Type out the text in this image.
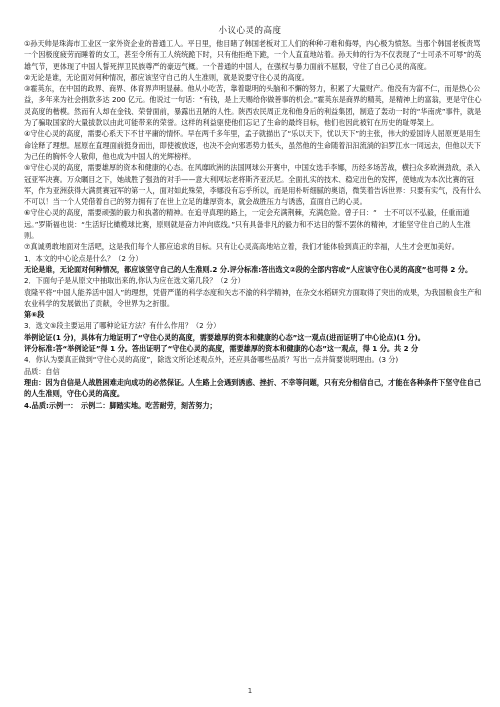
小议心灵的高度

①孙天帅是珠海市工业区一家外资企业的普通工人。平日里，他目睹了韩国老板对工人们的种种刁难和侮辱，内心极为愤怒。当那个韩国老板责骂一个因极度疲劳而睡着的女工，甚至令所有工人统统跪下时，只有他拒绝下跪，一个人直直地站着。孙天帅的行为不仅表现了“士可杀不可辱”的英雄气节，更体现了中国人誓死捍卫民族尊严的豪迈气概。一个普通的中国人，在强权与暴力面前不屈服，守住了自己心灵的高度。

②无论是谁，无论面对何种情况，都应该坚守自己的人生准则，就是说要守住心灵的高度。

③霍英东，在中国的政界、商界、体育界声明显赫。他从小吃苦，靠着聪明的头脑和不懈的努力，积累了大量财产。他没有为富不仁，而是热心公益，多年来为社会捐款多达 200 亿元。他说过一句话：“有钱，是上天赐给你做善事的机会。”霍英东是商界的精英，是精神上的富翁，更是守住心灵高度的楷模。然而有人却在金钱、荣誉面前，暴露出丑陋的人性。陕西农民周正龙和他身后的利益集团，制造了轰动一时的“华南虎”事件，就是为了骗取国家的大量拔款以由此可能带来的荣誉。这样的利益驱使他们忘记了生命的最终目标，他们也因此被钉在历史的耻辱架上。

④守住心灵的高度，需要心系天下不甘平庸的情怀。早在两千多年里，孟子就描出了“乐以天下，忧以天下”的主张，伟大的爱国诗人屈原更是用生命诠释了理想。屈原在直理面前挺身而出，即使被放逐，也决不会向邪恶势力低头，虽然他的生命随着汩汩流淌的汩罗江水一同远去，但他以天下为己任的胸怀令人敬仰，他也成为中国人的光辉榜样。

⑤守住心灵的高度，需要雄厚的资本和健康的心态。在风靡欧洲的法国网球公开赛中，中国女选手李娜，历经多场苦战，横扫众多欧洲劲敌，杀入冠亚军决赛。万众瞩目之下，她战胜了强劲的对手——意大利网坛老将斯齐亚沃尼。全面扎实的技术、稳定出色的发挥，使她成为本次比赛的冠军，作为亚洲获得大满贯赛冠军的第一人，面对如此殊荣，李娜没有忘乎所以，而是用朴听细腻的奥语，微笑着告诉世界：只要有实气，没有什么不可以！当一个人凭借着自己的努力拥有了在世上立足的雄厚资本，就会战胜压力与诱惑，直面自己的心灵。

⑥守住心灵的高度，需要顽强的毅力和执著的精神。在追寻真理的路上，一定会充满荆棘，充满危险。曾子曰：“　士不可以不弘毅，任重而道远。”罗斯福也说：“生活好比橄榄球比赛，原则就是奋力冲向底线。”只有具备非凡的毅力和不达目的誓不罢休的精神，才能坚守住自己的人生准则。

⑦真诚勇敢地面对生活吧，这是我们每个人都应追求的目标。只有让心灵高高地站立着，我们才能体验到真正的幸福，人生才会更加美好。

1．本文的中心论点是什么？（2 分）

无论是谁，无论面对何种情况，都应该坚守自己的人生准则.2 分.评分标准:答出选文②段的全部内容或“人应该守住心灵的高度”也可得 2 分。

2．下面句子是从原文中抽取出来的,你认为应在选文第几段？（2 分）

袁隆平将“中国人能养活中国人”的理想，凭借严谨的科学态度和矢志不渝的科学精神，在杂交水稻研究方面取得了突出的成果，为我国粮食生产和农业科学的发展做出了贡献，令世界为之折服。

第⑥段

3．选文⑤段主要运用了哪种论证方法？有什么作用？（2 分）

举例论证(1 分)，具体有力地证明了“守住心灵的高度，需要雄厚的资本和健康的心态”这一观点(进而证明了中心论点)(1 分)。

评分标准:答“举例论证”得 1 分。答出证明了“守住心灵的高度，需要雄厚的资本和健康的心态”这一观点，得 1 分。共 2 分

4．你认为要真正做到“守住心灵的高度”，除选文所论述观点外，还应具备哪些品质？写出一点并简要说明理由。(3 分)

品质：自信

理由：因为自信是人战胜困难走向成功的必然保证。人生路上会遇到诱惑、挫折、不幸等问题，只有充分相信自己，才能在各种条件下坚守住自己的人生准则，守住心灵的高度。

4.品质:示例一：　示例二：脚踏实地。吃苦耐劳，刻苦努力；

1
